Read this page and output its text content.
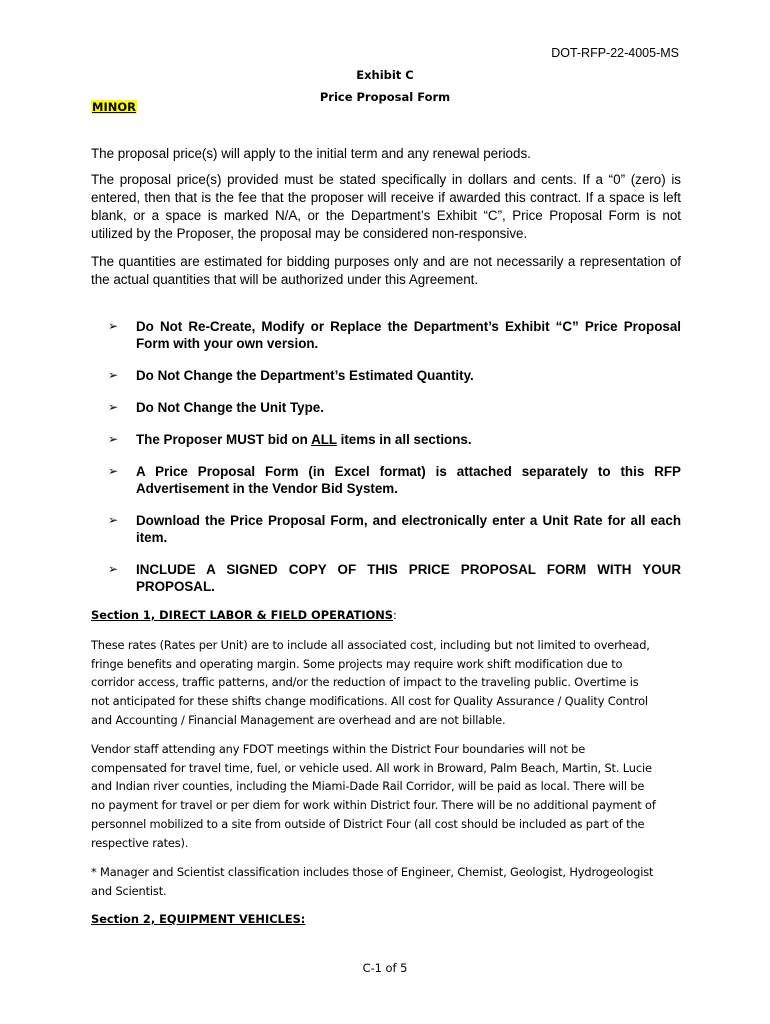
DOT-RFP-22-4005-MS
Exhibit C
Price Proposal Form
MINOR

The proposal price(s) will apply to the initial term and any renewal periods.

The proposal price(s) provided must be stated specifically in dollars and cents. If a “0” (zero) is entered, then that is the fee that the proposer will receive if awarded this contract. If a space is left blank, or a space is marked N/A, or the Department’s Exhibit “C”, Price Proposal Form is not utilized by the Proposer, the proposal may be considered non-responsive.

The quantities are estimated for bidding purposes only and are not necessarily a representation of the actual quantities that will be authorized under this Agreement.

➢ Do Not Re-Create, Modify or Replace the Department’s Exhibit “C” Price Proposal Form with your own version.
➢ Do Not Change the Department’s Estimated Quantity.
➢ Do Not Change the Unit Type.
➢ The Proposer MUST bid on ALL items in all sections.
➢ A Price Proposal Form (in Excel format) is attached separately to this RFP Advertisement in the Vendor Bid System.
➢ Download the Price Proposal Form, and electronically enter a Unit Rate for all each item.
➢ INCLUDE A SIGNED COPY OF THIS PRICE PROPOSAL FORM WITH YOUR PROPOSAL.
Section 1, DIRECT LABOR & FIELD OPERATIONS:

These rates (Rates per Unit) are to include all associated cost, including but not limited to overhead, fringe benefits and operating margin. Some projects may require work shift modification due to corridor access, traffic patterns, and/or the reduction of impact to the traveling public. Overtime is not anticipated for these shifts change modifications. All cost for Quality Assurance / Quality Control and Accounting / Financial Management are overhead and are not billable.

Vendor staff attending any FDOT meetings within the District Four boundaries will not be compensated for travel time, fuel, or vehicle used. All work in Broward, Palm Beach, Martin, St. Lucie and Indian river counties, including the Miami-Dade Rail Corridor, will be paid as local. There will be no payment for travel or per diem for work within District four. There will be no additional payment of personnel mobilized to a site from outside of District Four (all cost should be included as part of the respective rates).

* Manager and Scientist classification includes those of Engineer, Chemist, Geologist, Hydrogeologist and Scientist.

Section 2, EQUIPMENT VEHICLES:
C-1 of 5
